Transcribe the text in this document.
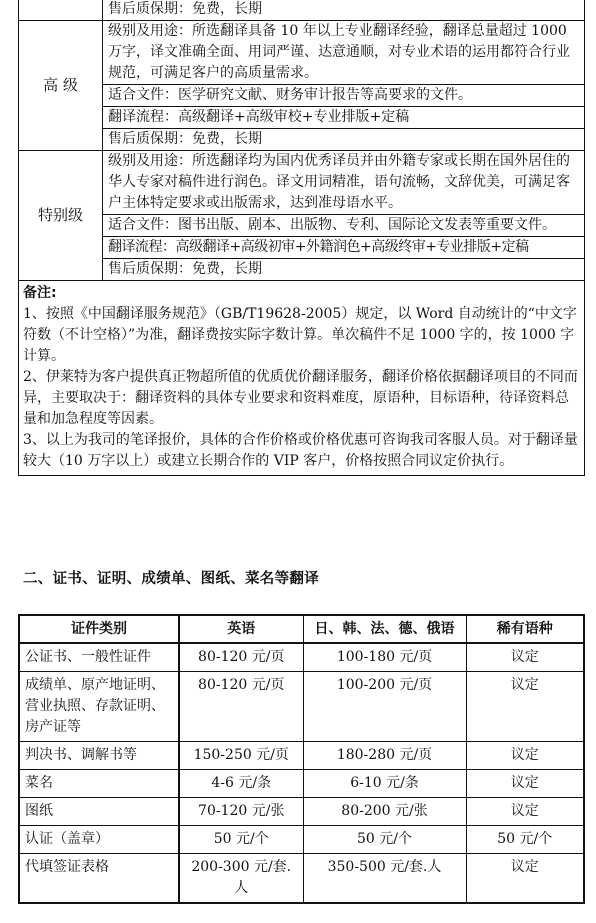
	售后质保期：免费，长期
高 级	级别及用途：所选翻译具备 10 年以上专业翻译经验，翻译总量超过 1000 万字，译文准确全面、用词严谨、达意通顺，对专业术语的运用都符合行业规范，可满足客户的高质量需求。
	适合文件：医学研究文献、财务审计报告等高要求的文件。
	翻译流程：高级翻译+高级审校+专业排版+定稿
	售后质保期：免费，长期
特别级	级别及用途：所选翻译均为国内优秀译员并由外籍专家或长期在国外居住的华人专家对稿件进行润色。译文用词精准，语句流畅，文辞优美，可满足客户主体特定要求或出版需求，达到准母语水平。
	适合文件：图书出版、剧本、出版物、专利、国际论文发表等重要文件。
	翻译流程：高级翻译+高级初审+外籍润色+高级终审+专业排版+定稿
	售后质保期：免费，长期

备注:
1、按照《中国翻译服务规范》（GB/T19628-2005）规定，以 Word 自动统计的“中文字符数（不计空格）”为准，翻译费按实际字数计算。单次稿件不足 1000 字的，按 1000 字计算。
2、伊莱特为客户提供真正物超所值的优质优价翻译服务，翻译价格依据翻译项目的不同而异，主要取决于：翻译资料的具体专业要求和资料难度，原语种，目标语种，待译资料总量和加急程度等因素。
3、以上为我司的笔译报价，具体的合作价格或价格优惠可咨询我司客服人员。对于翻译量较大（10 万字以上）或建立长期合作的 VIP 客户，价格按照合同议定价执行。	
二、证书、证明、成绩单、图纸、菜名等翻译
证件类别	英语	日、韩、法、德、俄语	稀有语种
公证书、一般性证件	80-120 元/页	100-180 元/页	议定
成绩单、原产地证明、营业执照、存款证明、房产证等	80-120 元/页	100-200 元/页	议定
判决书、调解书等	150-250 元/页	180-280 元/页	议定
菜名	4-6 元/条	6-10 元/条	议定
图纸	70-120 元/张	80-200 元/张	议定
认证（盖章）	50 元/个	50 元/个	50 元/个
代填签证表格	200-300 元/套.人	350-500 元/套.人	议定
